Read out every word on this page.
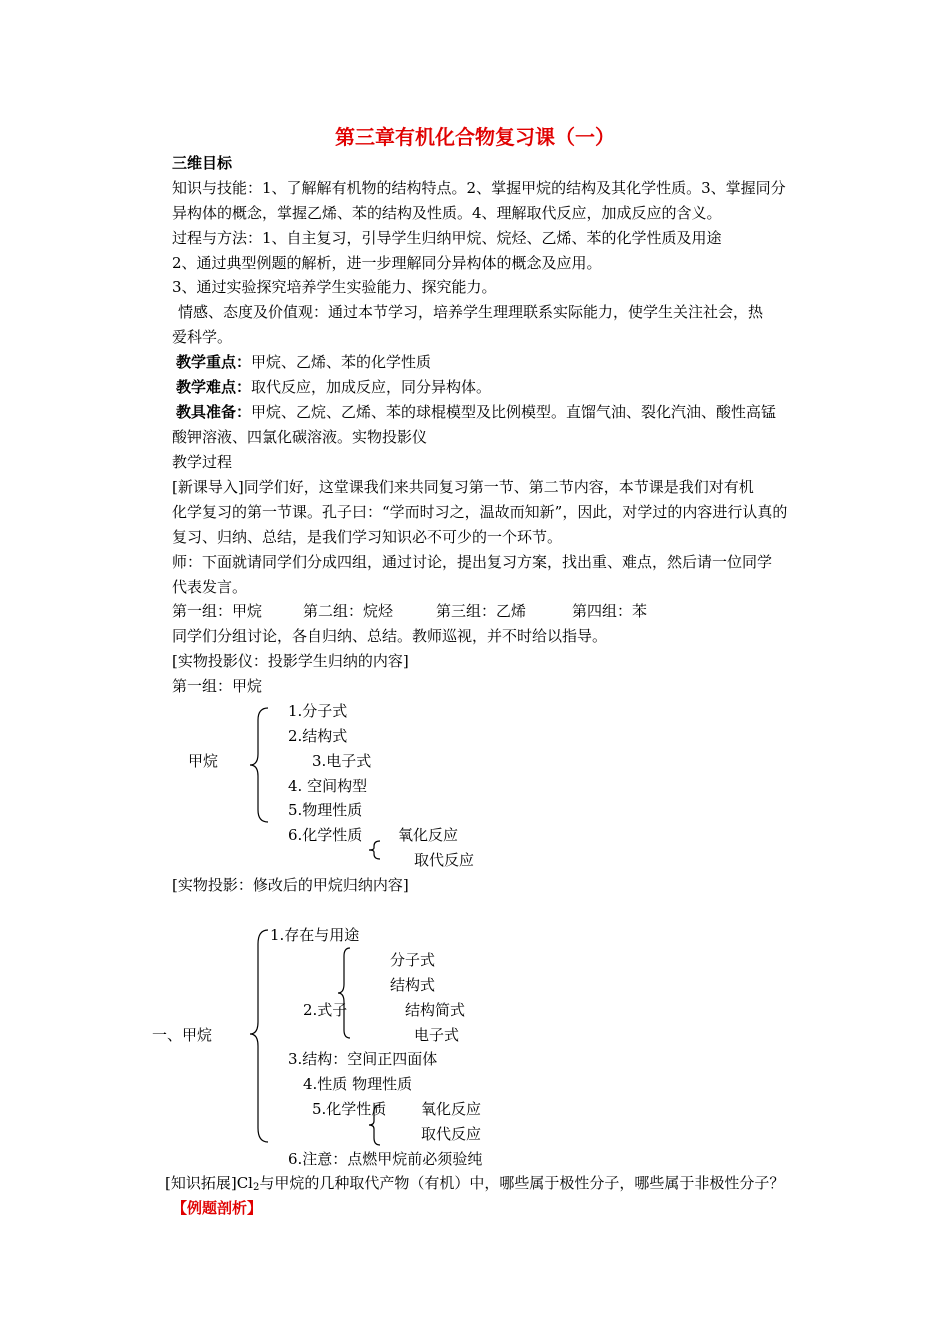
第三章有机化合物复习课（一）
三维目标
知识与技能：1、了解解有机物的结构特点。2、掌握甲烷的结构及其化学性质。3、掌握同分
异构体的概念，掌握乙烯、苯的结构及性质。4、理解取代反应，加成反应的含义。
过程与方法：1、自主复习，引导学生归纳甲烷、烷烃、乙烯、苯的化学性质及用途
2、通过典型例题的解析，进一步理解同分异构体的概念及应用。
3、通过实验探究培养学生实验能力、探究能力。
情感、态度及价值观：通过本节学习，培养学生理理联系实际能力，使学生关注社会，热
爱科学。
教学重点：甲烷、乙烯、苯的化学性质
教学难点：取代反应，加成反应，同分异构体。
教具准备：甲烷、乙烷、乙烯、苯的球棍模型及比例模型。直馏气油、裂化汽油、酸性高锰
酸钾溶液、四氯化碳溶液。实物投影仪
教学过程
[新课导入]同学们好，这堂课我们来共同复习第一节、第二节内容，本节课是我们对有机
化学复习的第一节课。孔子曰：“学而时习之，温故而知新”，因此，对学过的内容进行认真的
复习、归纳、总结，是我们学习知识必不可少的一个环节。
师：下面就请同学们分成四组，通过讨论，提出复习方案，找出重、难点，然后请一位同学
代表发言。
第一组：甲烷	第二组：烷烃	第三组：乙烯	第四组：苯
同学们分组讨论，各自归纳、总结。教师巡视，并不时给以指导。
[实物投影仪：投影学生归纳的内容]
第一组：甲烷
甲烷
1.分子式
2.结构式
3.电子式
4. 空间构型
5.物理性质
6.化学性质 氧化反应
取代反应
[实物投影：修改后的甲烷归纳内容]
一、甲烷
1.存在与用途
分子式
结构式
2.式子	结构简式
电子式
3.结构：空间正四面体
4.性质 物理性质
5.化学性质 氧化反应
取代反应
6.注意：点燃甲烷前必须验纯
[知识拓展]$Cl_2$与甲烷的几种取代产物（有机）中，哪些属于极性分子，哪些属于非极性分子？
【例题剖析】
